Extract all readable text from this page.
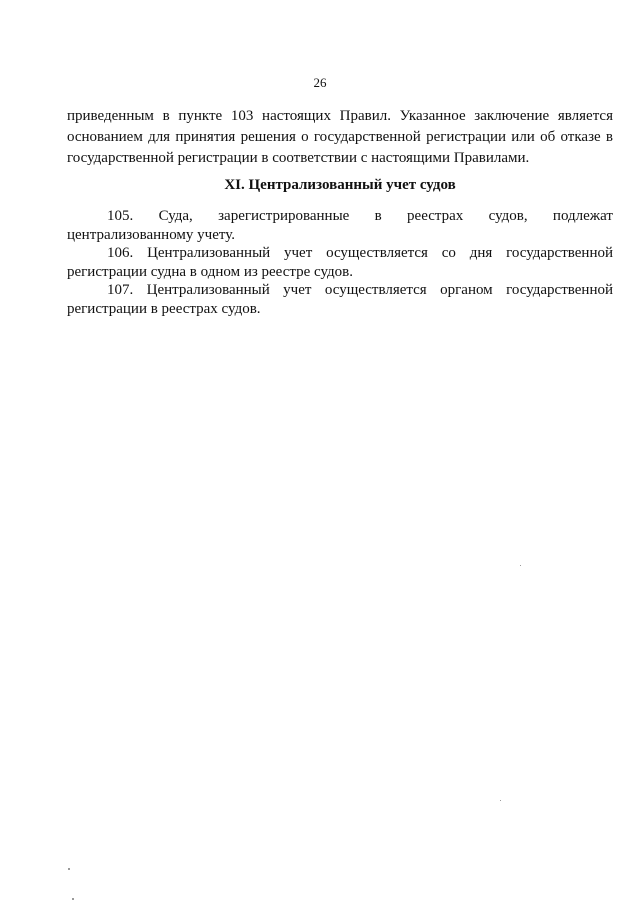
26

приведенным в пункте 103 настоящих Правил. Указанное заключение является основанием для принятия решения о государственной регистрации или об отказе в государственной регистрации в соответствии с настоящими Правилами.

XI. Централизованный учет судов

105. Суда, зарегистрированные в реестрах судов, подлежат централизованному учету.

106. Централизованный учет осуществляется со дня государственной регистрации судна в одном из реестре судов.

107. Централизованный учет осуществляется органом государственной регистрации в реестрах судов.
